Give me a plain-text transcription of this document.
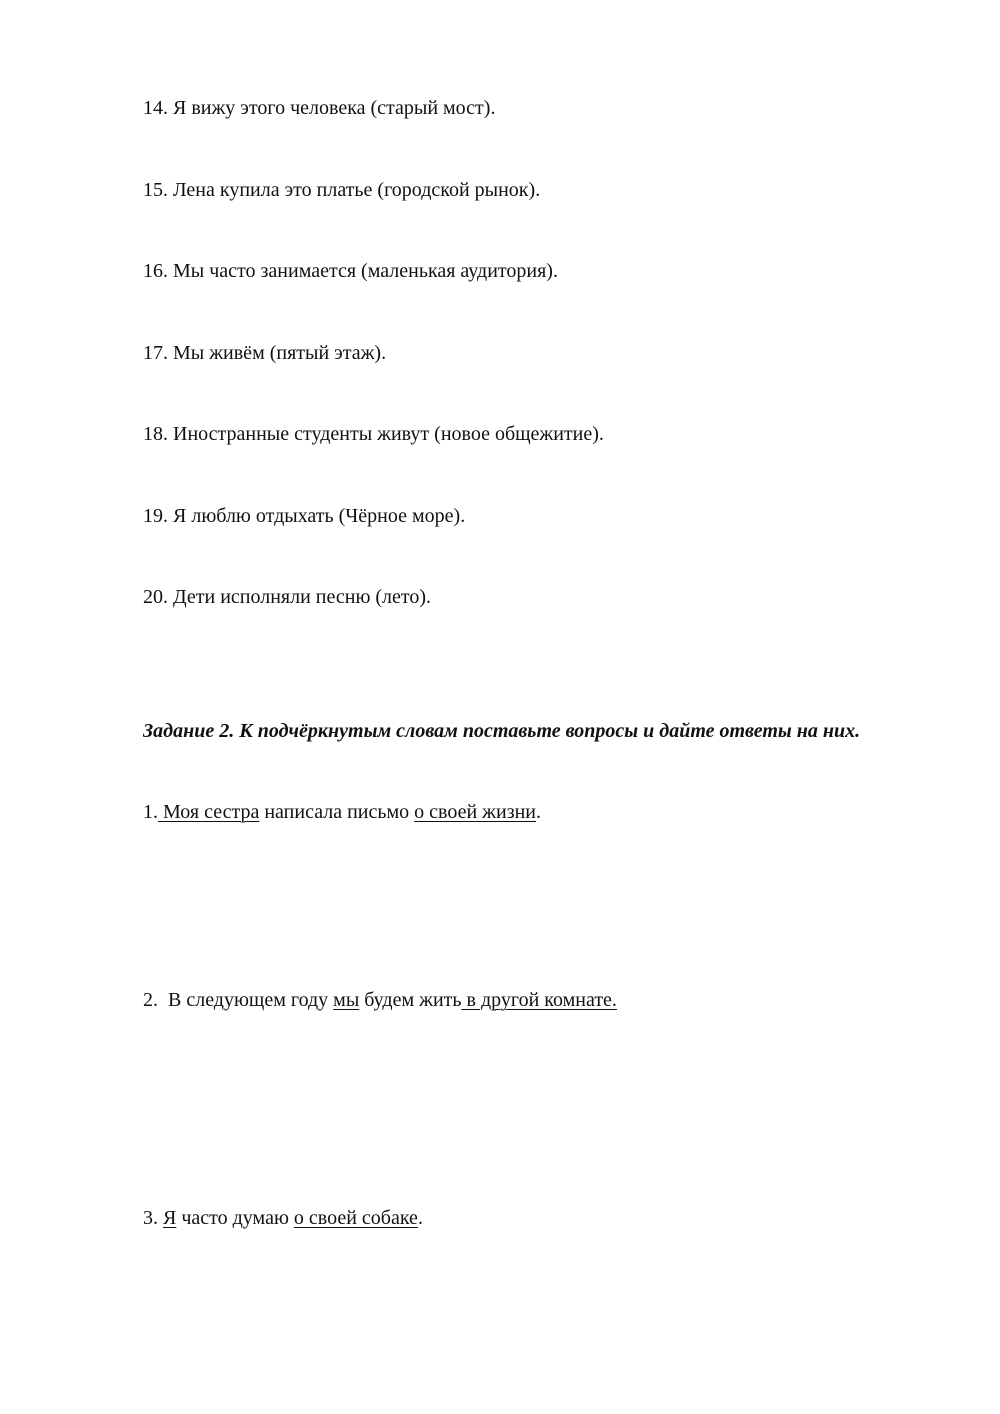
14. Я вижу этого человека (старый мост).
15. Лена купила это платье (городской рынок).
16. Мы часто занимается (маленькая аудитория).
17. Мы живём (пятый этаж).
18. Иностранные студенты живут (новое общежитие).
19. Я люблю отдыхать (Чёрное море).
20. Дети исполняли песню (лето).
Задание 2. К подчёркнутым словам поставьте вопросы и дайте ответы на них.
1. Моя сестра написала письмо о своей жизни.
2.  В следующем году мы будем жить в другой комнате.
3. Я часто думаю о своей собаке.
